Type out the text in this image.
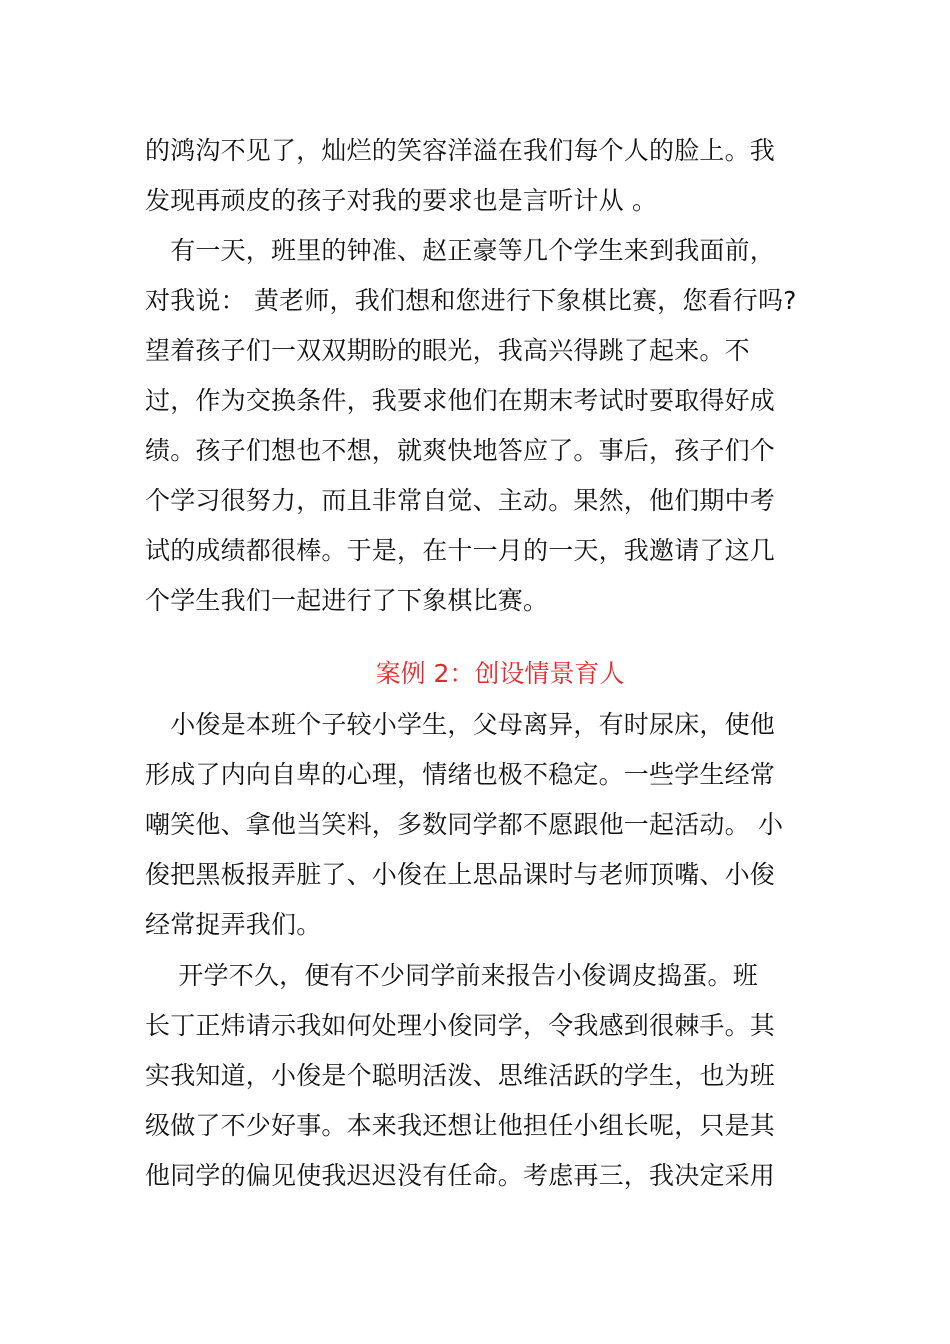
的鸿沟不见了，灿烂的笑容洋溢在我们每个人的脸上。我
发现再顽皮的孩子对我的要求也是言听计从 。
　有一天，班里的钟准、赵正豪等几个学生来到我面前，
对我说： 黄老师，我们想和您进行下象棋比赛，您看行吗?
望着孩子们一双双期盼的眼光，我高兴得跳了起来。不
过，作为交换条件，我要求他们在期末考试时要取得好成
绩。孩子们想也不想，就爽快地答应了。事后，孩子们个
个学习很努力，而且非常自觉、主动。果然，他们期中考
试的成绩都很棒。于是，在十一月的一天，我邀请了这几
个学生我们一起进行了下象棋比赛。
案例 2：创设情景育人
　小俊是本班个子较小学生，父母离异，有时尿床，使他
形成了内向自卑的心理，情绪也极不稳定。一些学生经常
嘲笑他、拿他当笑料，多数同学都不愿跟他一起活动。 小
俊把黑板报弄脏了、小俊在上思品课时与老师顶嘴、小俊
经常捉弄我们。
　 开学不久，便有不少同学前来报告小俊调皮捣蛋。班
长丁正炜请示我如何处理小俊同学，令我感到很棘手。其
实我知道，小俊是个聪明活泼、思维活跃的学生，也为班
级做了不少好事。本来我还想让他担任小组长呢，只是其
他同学的偏见使我迟迟没有任命。考虑再三，我决定采用
